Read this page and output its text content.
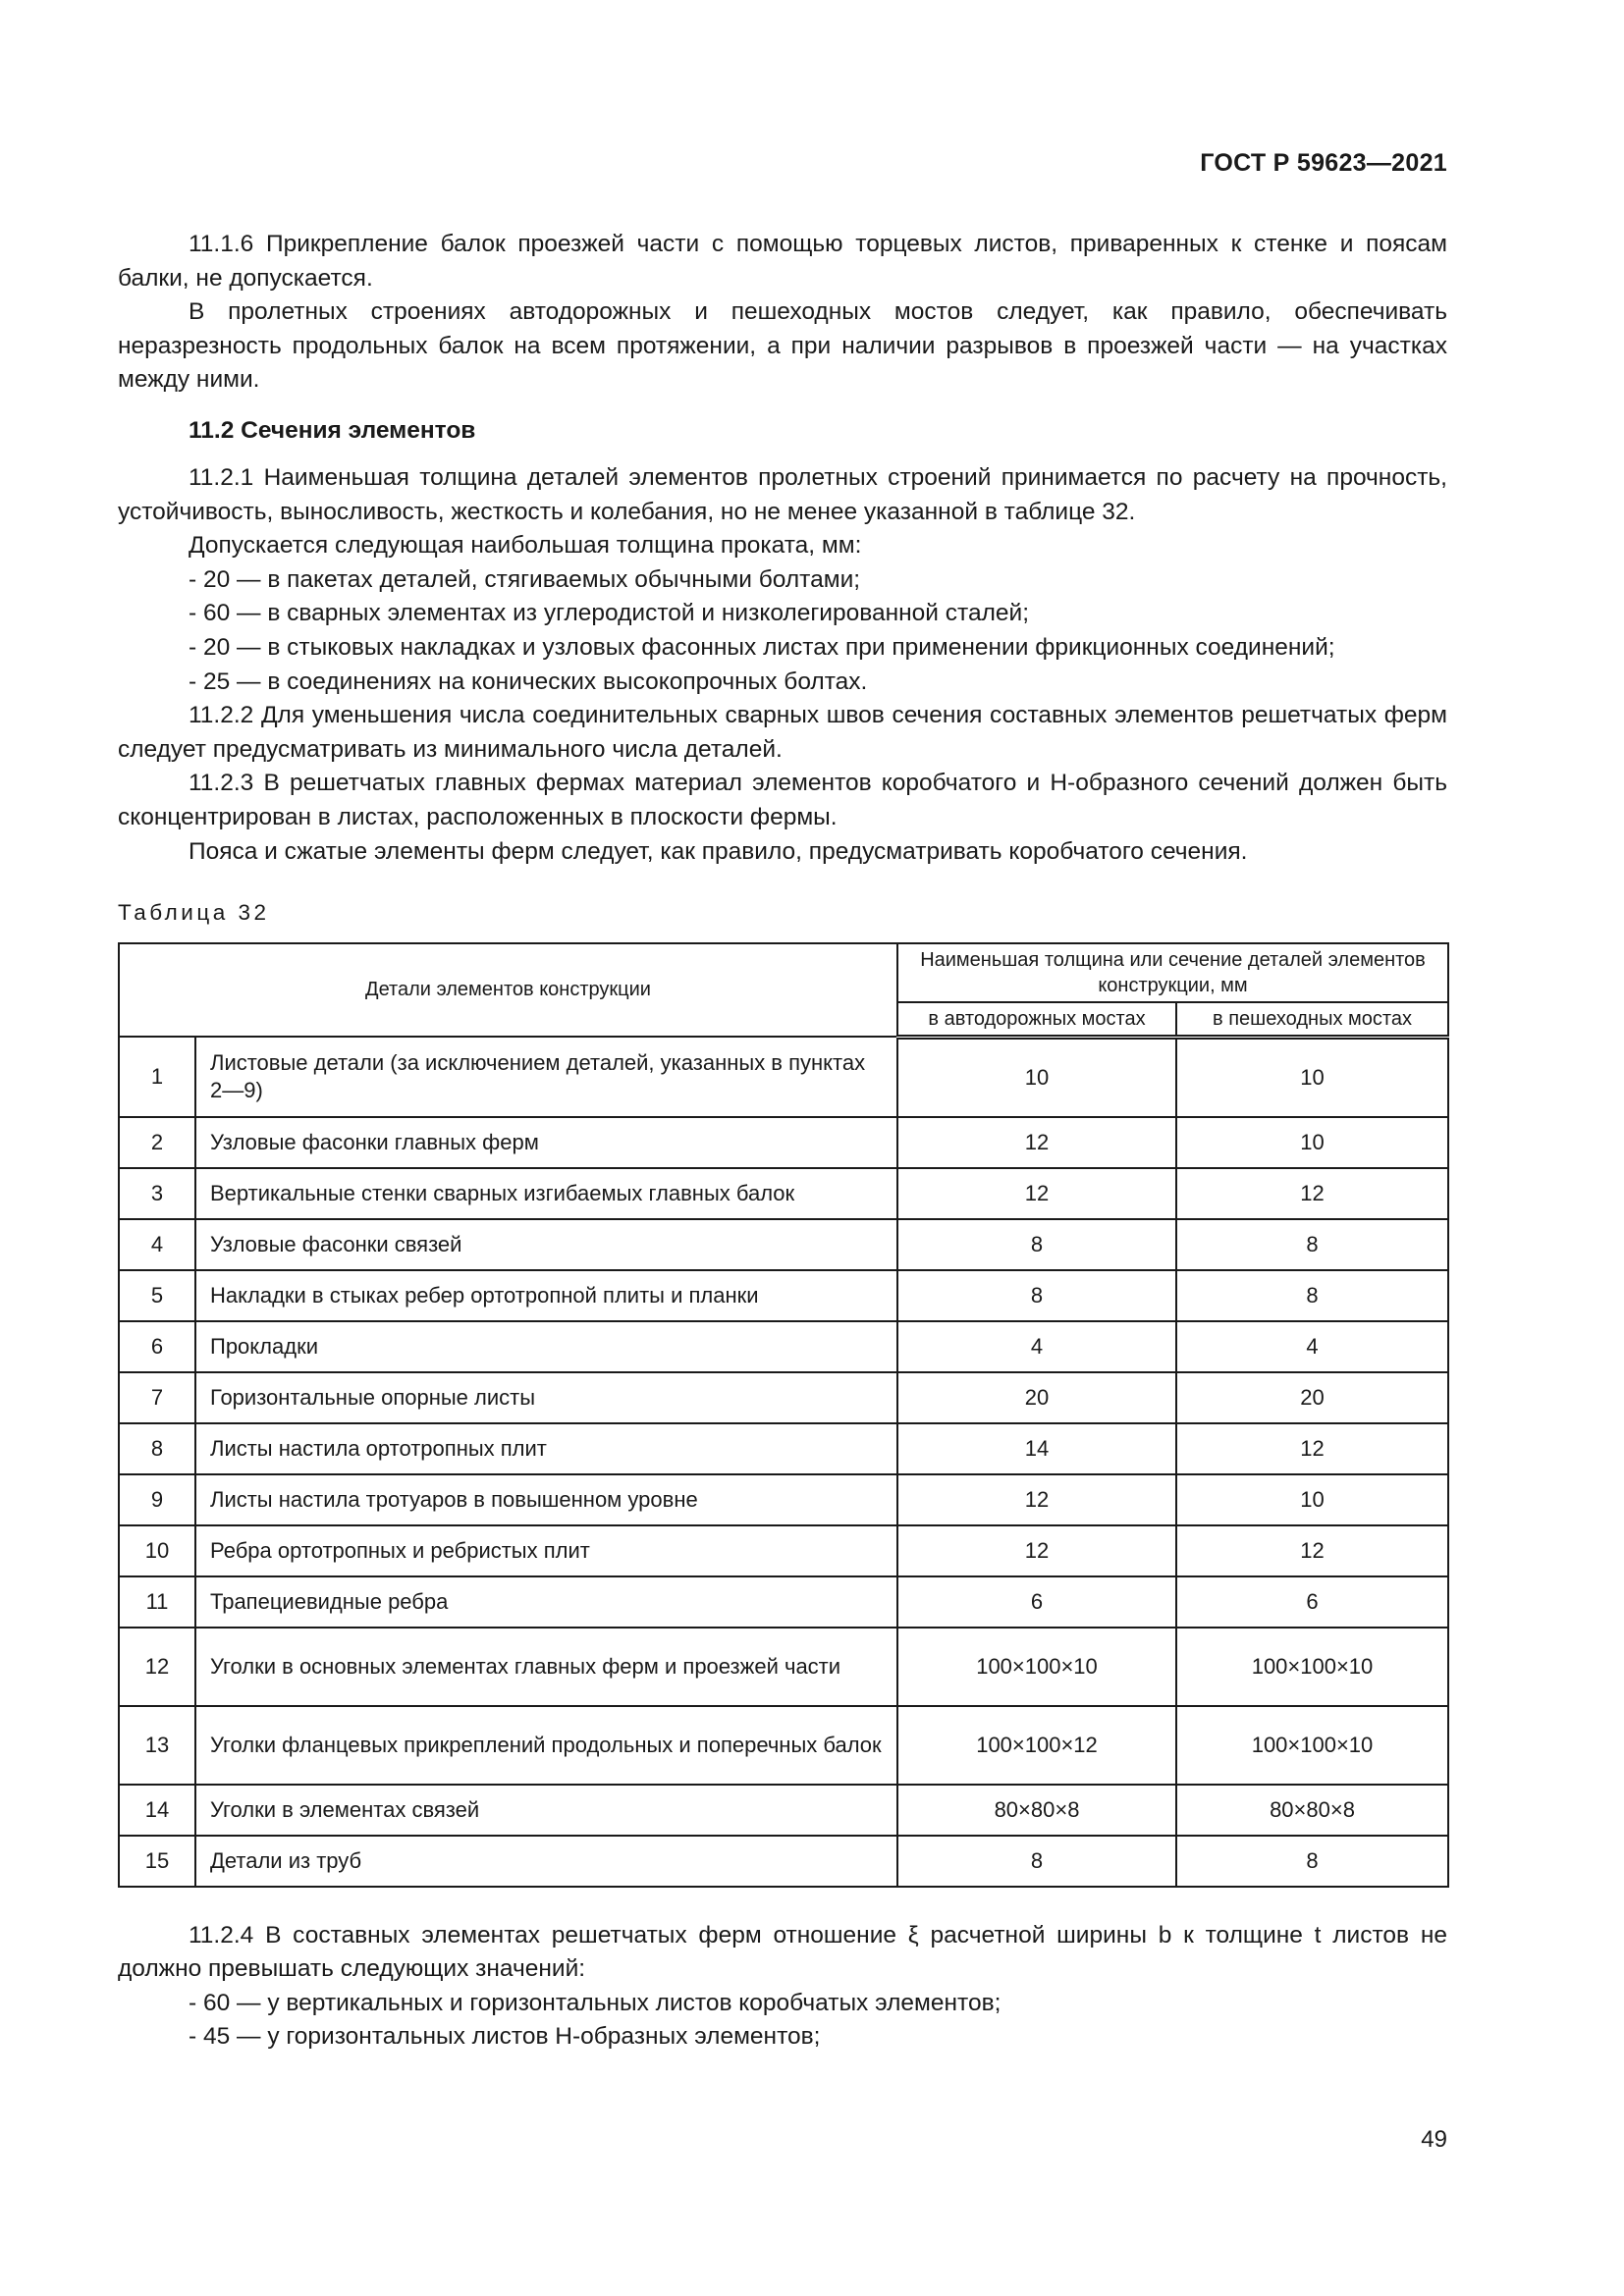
ГОСТ Р 59623—2021

11.1.6 Прикрепление балок проезжей части с помощью торцевых листов, приваренных к стенке и поясам балки, не допускается.

В пролетных строениях автодорожных и пешеходных мостов следует, как правило, обеспечивать неразрезность продольных балок на всем протяжении, а при наличии разрывов в проезжей части — на участках между ними.

11.2 Сечения элементов

11.2.1 Наименьшая толщина деталей элементов пролетных строений принимается по расчету на прочность, устойчивость, выносливость, жесткость и колебания, но не менее указанной в таблице 32.

Допускается следующая наибольшая толщина проката, мм:

- 20 — в пакетах деталей, стягиваемых обычными болтами;

- 60 — в сварных элементах из углеродистой и низколегированной сталей;

- 20 — в стыковых накладках и узловых фасонных листах при применении фрикционных соединений;

- 25 — в соединениях на конических высокопрочных болтах.

11.2.2 Для уменьшения числа соединительных сварных швов сечения составных элементов решетчатых ферм следует предусматривать из минимального числа деталей.

11.2.3 В решетчатых главных фермах материал элементов коробчатого и Н-образного сечений должен быть сконцентрирован в листах, расположенных в плоскости фермы.

Пояса и сжатые элементы ферм следует, как правило, предусматривать коробчатого сечения.

Таблица 32

Детали элементов конструкции		Наименьшая толщина или сечение деталей элементов конструкции, мм	
		в автодорожных мостах	в пешеходных мостах
1	Листовые детали (за исключением деталей, указанных в пунктах 2—9)	10	10
2	Узловые фасонки главных ферм	12	10
3	Вертикальные стенки сварных изгибаемых главных балок	12	12
4	Узловые фасонки связей	8	8
5	Накладки в стыках ребер ортотропной плиты и планки	8	8
6	Прокладки	4	4
7	Горизонтальные опорные листы	20	20
8	Листы настила ортотропных плит	14	12
9	Листы настила тротуаров в повышенном уровне	12	10
10	Ребра ортотропных и ребристых плит	12	12
11	Трапециевидные ребра	6	6
12	Уголки в основных элементах главных ферм и проезжей части	100×100×10	100×100×10
13	Уголки фланцевых прикреплений продольных и поперечных балок	100×100×12	100×100×10
14	Уголки в элементах связей	80×80×8	80×80×8
15	Детали из труб	8	8

11.2.4 В составных элементах решетчатых ферм отношение ξ расчетной ширины b к толщине t листов не должно превышать следующих значений:

- 60 — у вертикальных и горизонтальных листов коробчатых элементов;

- 45 — у горизонтальных листов Н-образных элементов;

49
